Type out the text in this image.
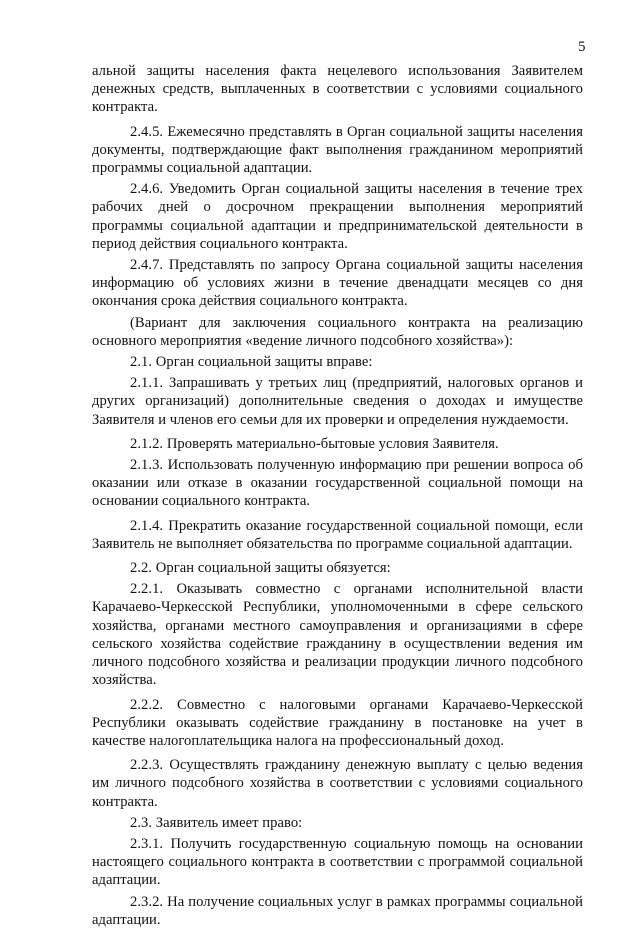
5

альной защиты населения факта нецелевого использования Заявителем денежных средств, выплаченных в соответствии с условиями социального контракта.

2.4.5. Ежемесячно представлять в Орган социальной защиты населения документы, подтверждающие факт выполнения гражданином мероприятий программы социальной адаптации.

2.4.6. Уведомить Орган социальной защиты населения в течение трех рабочих дней о досрочном прекращении выполнения мероприятий программы социальной адаптации и предпринимательской деятельности в период действия социального контракта.

2.4.7. Представлять по запросу Органа социальной защиты населения информацию об условиях жизни в течение двенадцати месяцев со дня окончания срока действия социального контракта.

(Вариант для заключения социального контракта на реализацию основного мероприятия «ведение личного подсобного хозяйства»):

2.1. Орган социальной защиты вправе:

2.1.1. Запрашивать у третьих лиц (предприятий, налоговых органов и других организаций) дополнительные сведения о доходах и имуществе Заявителя и членов его семьи для их проверки и определения нуждаемости.

2.1.2. Проверять материально-бытовые условия Заявителя.

2.1.3. Использовать полученную информацию при решении вопроса об оказании или отказе в оказании государственной социальной помощи на основании социального контракта.

2.1.4. Прекратить оказание государственной социальной помощи, если Заявитель не выполняет обязательства по программе социальной адаптации.

2.2. Орган социальной защиты обязуется:

2.2.1. Оказывать совместно с органами исполнительной власти Карачаево-Черкесской Республики, уполномоченными в сфере сельского хозяйства, органами местного самоуправления и организациями в сфере сельского хозяйства содействие гражданину в осуществлении ведения им личного подсобного хозяйства и реализации продукции личного подсобного хозяйства.

2.2.2. Совместно с налоговыми органами Карачаево-Черкесской Республики оказывать содействие гражданину в постановке на учет в качестве налогоплательщика налога на профессиональный доход.

2.2.3. Осуществлять гражданину денежную выплату с целью ведения им личного подсобного хозяйства в соответствии с условиями социального контракта.

2.3. Заявитель имеет право:

2.3.1. Получить государственную социальную помощь на основании настоящего социального контракта в соответствии с программой социальной адаптации.

2.3.2. На получение социальных услуг в рамках программы социальной адаптации.
